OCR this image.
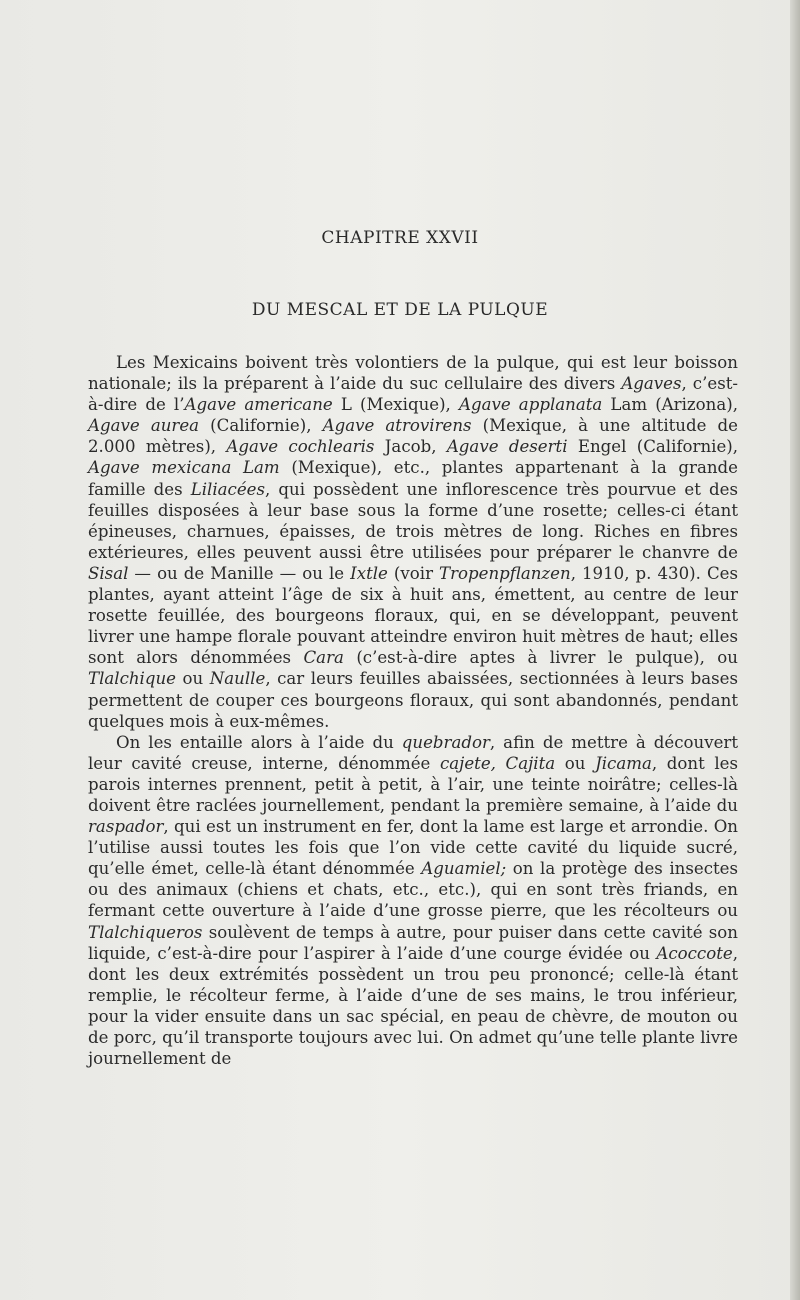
CHAPITRE XXVII
DU MESCAL ET DE LA PULQUE

Les Mexicains boivent très volontiers de la pulque, qui est leur boisson nationale; ils la préparent à l’aide du suc cellulaire des divers Agaves, c’est-à-dire de l’Agave americane L (Mexique), Agave applanata Lam (Arizona), Agave aurea (Californie), Agave atrovirens (Mexique, à une altitude de 2.000 mètres), Agave cochlearis Jacob, Agave deserti Engel (Californie), Agave mexicana Lam (Mexique), etc., plantes appartenant à la grande famille des Liliacées, qui possèdent une inflorescence très pourvue et des feuilles disposées à leur base sous la forme d’une rosette; celles-ci étant épineuses, charnues, épaisses, de trois mètres de long. Riches en fibres extérieures, elles peuvent aussi être utilisées pour préparer le chanvre de Sisal — ou de Manille — ou le Ixtle (voir Tropenpflanzen, 1910, p. 430). Ces plantes, ayant atteint l’âge de six à huit ans, émettent, au centre de leur rosette feuillée, des bourgeons floraux, qui, en se développant, peuvent livrer une hampe florale pouvant atteindre environ huit mètres de haut; elles sont alors dénommées Cara (c’est-à-dire aptes à livrer le pulque), ou Tlalchique ou Naulle, car leurs feuilles abaissées, sectionnées à leurs bases permettent de couper ces bourgeons floraux, qui sont abandonnés, pendant quelques mois à eux-mêmes.

On les entaille alors à l’aide du quebrador, afin de mettre à découvert leur cavité creuse, interne, dénommée cajete, Cajita ou Jicama, dont les parois internes prennent, petit à petit, à l’air, une teinte noirâtre; celles-là doivent être raclées journellement, pendant la première semaine, à l’aide du raspador, qui est un instrument en fer, dont la lame est large et arrondie. On l’utilise aussi toutes les fois que l’on vide cette cavité du liquide sucré, qu’elle émet, celle-là étant dénommée Aguamiel; on la protège des insectes ou des animaux (chiens et chats, etc., etc.), qui en sont très friands, en fermant cette ouverture à l’aide d’une grosse pierre, que les récolteurs ou Tlalchiqueros soulèvent de temps à autre, pour puiser dans cette cavité son liquide, c’est-à-dire pour l’aspirer à l’aide d’une courge évidée ou Acoccote, dont les deux extrémités possèdent un trou peu prononcé; celle-là étant remplie, le récolteur ferme, à l’aide d’une de ses mains, le trou inférieur, pour la vider ensuite dans un sac spécial, en peau de chèvre, de mouton ou de porc, qu’il transporte toujours avec lui. On admet qu’une telle plante livre journellement de
